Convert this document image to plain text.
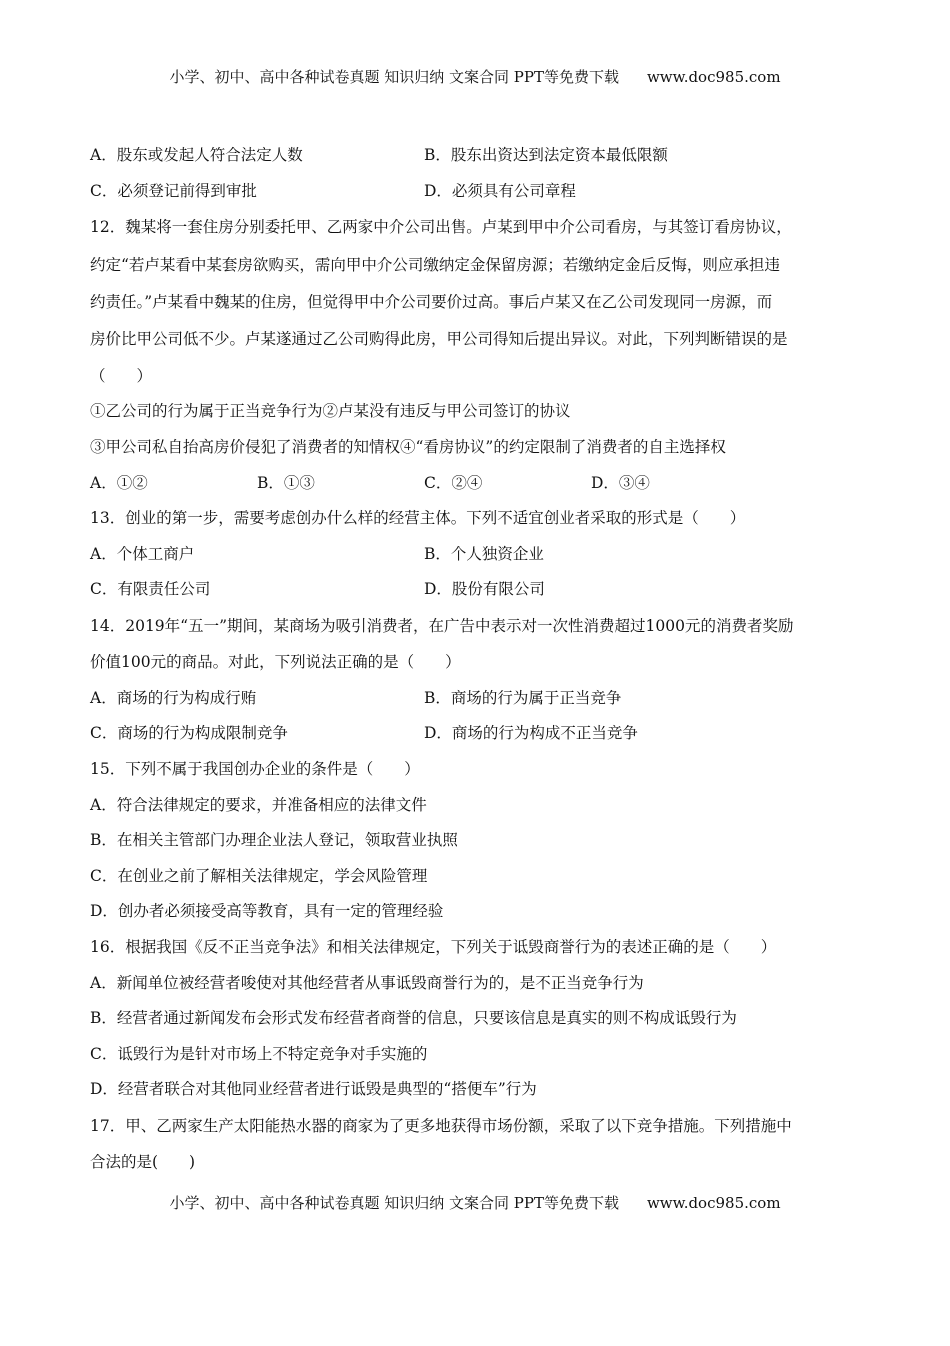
小学、初中、高中各种试卷真题 知识归纳 文案合同 PPT等免费下载 www.doc985.com
A．股东或发起人符合法定人数	B．股东出资达到法定资本最低限额
C．必须登记前得到审批	D．必须具有公司章程
12．魏某将一套住房分别委托甲、乙两家中介公司出售。卢某到甲中介公司看房，与其签订看房协议，
约定“若卢某看中某套房欲购买，需向甲中介公司缴纳定金保留房源；若缴纳定金后反悔，则应承担违
约责任。”卢某看中魏某的住房，但觉得甲中介公司要价过高。事后卢某又在乙公司发现同一房源，而
房价比甲公司低不少。卢某遂通过乙公司购得此房，甲公司得知后提出异议。对此，下列判断错误的是
（　　）
①乙公司的行为属于正当竞争行为②卢某没有违反与甲公司签订的协议
③甲公司私自抬高房价侵犯了消费者的知情权④“看房协议”的约定限制了消费者的自主选择权
A．①②	B．①③	C．②④	D．③④
13．创业的第一步，需要考虑创办什么样的经营主体。下列不适宜创业者采取的形式是（　　）
A．个体工商户	B．个人独资企业
C．有限责任公司	D．股份有限公司
14．2019年“五一”期间，某商场为吸引消费者，在广告中表示对一次性消费超过1000元的消费者奖励
价值100元的商品。对此，下列说法正确的是（　　）
A．商场的行为构成行贿	B．商场的行为属于正当竞争
C．商场的行为构成限制竞争	D．商场的行为构成不正当竞争
15．下列不属于我国创办企业的条件是（　　）
A．符合法律规定的要求，并准备相应的法律文件
B．在相关主管部门办理企业法人登记，领取营业执照
C．在创业之前了解相关法律规定，学会风险管理
D．创办者必须接受高等教育，具有一定的管理经验
16．根据我国《反不正当竞争法》和相关法律规定，下列关于诋毁商誉行为的表述正确的是（　　）
A．新闻单位被经营者唆使对其他经营者从事诋毁商誉行为的，是不正当竞争行为
B．经营者通过新闻发布会形式发布经营者商誉的信息，只要该信息是真实的则不构成诋毁行为
C．诋毁行为是针对市场上不特定竞争对手实施的
D．经营者联合对其他同业经营者进行诋毁是典型的“搭便车”行为
17．甲、乙两家生产太阳能热水器的商家为了更多地获得市场份额，采取了以下竞争措施。下列措施中
合法的是(　　)
小学、初中、高中各种试卷真题 知识归纳 文案合同 PPT等免费下载 www.doc985.com
